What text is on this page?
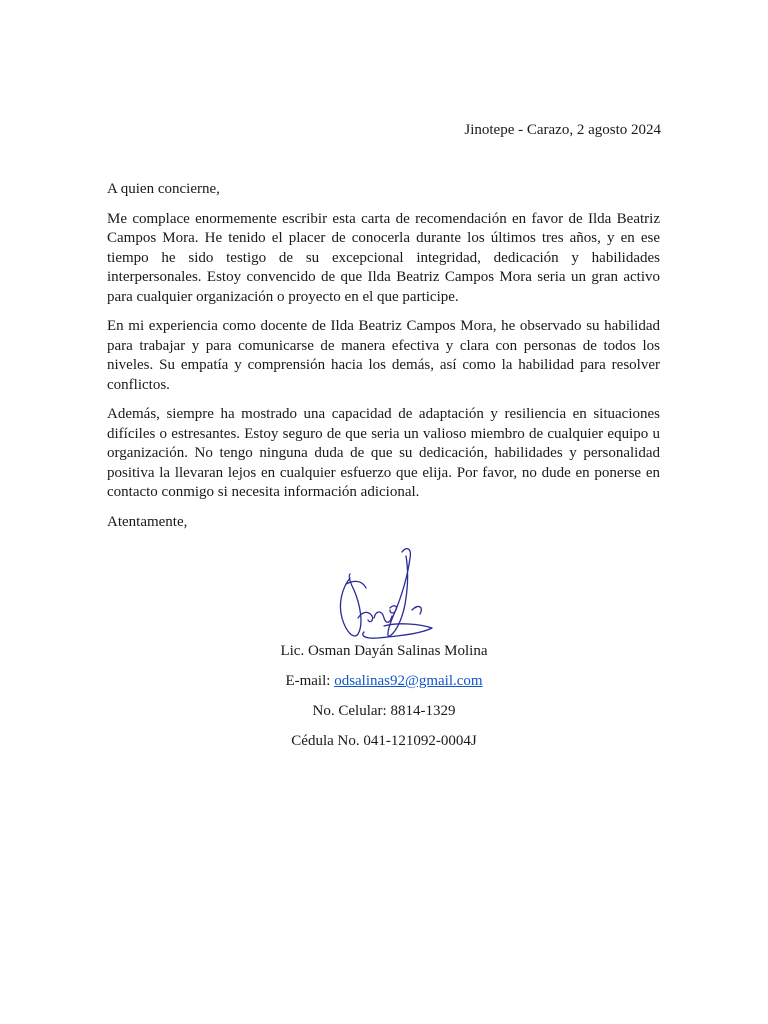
Jinotepe - Carazo, 2 agosto 2024

A quien concierne,

Me complace enormemente escribir esta carta de recomendación en favor de Ilda Beatriz Campos Mora. He tenido el placer de conocerla durante los últimos tres años, y en ese tiempo he sido testigo de su excepcional integridad, dedicación y habilidades interpersonales. Estoy convencido de que Ilda Beatriz Campos Mora seria un gran activo para cualquier organización o proyecto en el que participe.

En mi experiencia como docente de Ilda Beatriz Campos Mora, he observado su habilidad para trabajar y para comunicarse de manera efectiva y clara con personas de todos los niveles. Su empatía y comprensión hacia los demás, así como la habilidad para resolver conflictos.

Además, siempre ha mostrado una capacidad de adaptación y resiliencia en situaciones difíciles o estresantes. Estoy seguro de que seria un valioso miembro de cualquier equipo u organización. No tengo ninguna duda de que su dedicación, habilidades y personalidad positiva la llevaran lejos en cualquier esfuerzo que elija. Por favor, no dude en ponerse en contacto conmigo si necesita información adicional.

Atentamente,

Lic. Osman Dayán Salinas Molina
E-mail: odsalinas92@gmail.com
No. Celular: 8814-1329
Cédula No. 041-121092-0004J
